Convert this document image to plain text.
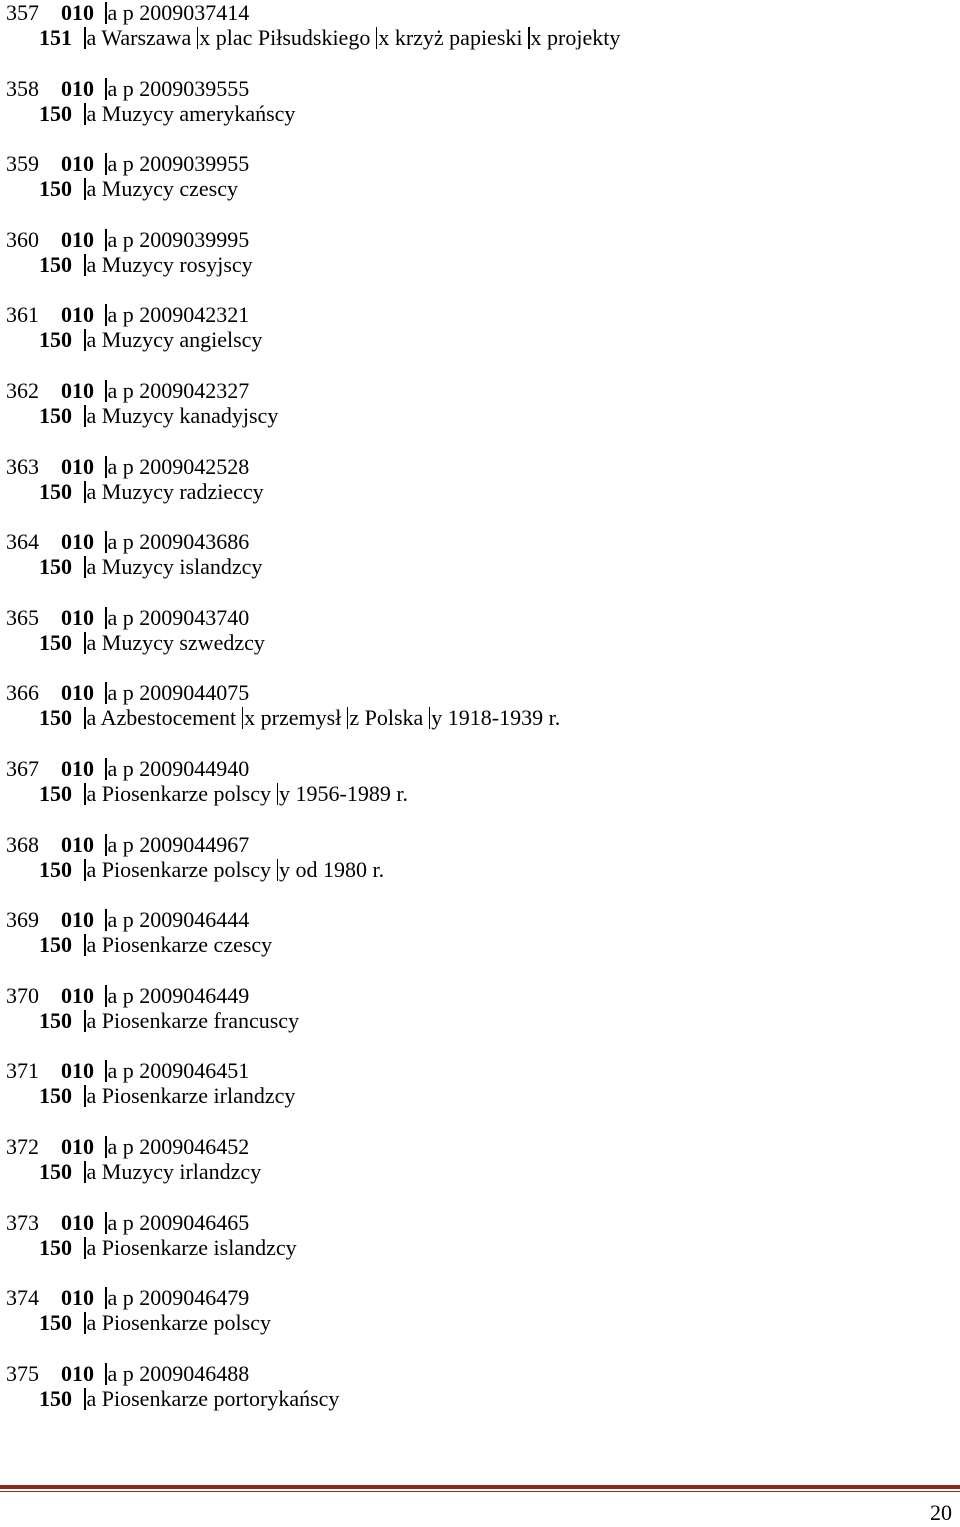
357 010 a p 2009037414
151 a Warszawa x plac Piłsudskiego x krzyż papieski x projekty
358 010 a p 2009039555
150 a Muzycy amerykańscy
359 010 a p 2009039955
150 a Muzycy czescy
360 010 a p 2009039995
150 a Muzycy rosyjscy
361 010 a p 2009042321
150 a Muzycy angielscy
362 010 a p 2009042327
150 a Muzycy kanadyjscy
363 010 a p 2009042528
150 a Muzycy radzieccy
364 010 a p 2009043686
150 a Muzycy islandzcy
365 010 a p 2009043740
150 a Muzycy szwedzcy
366 010 a p 2009044075
150 a Azbestocement x przemysł z Polska y 1918-1939 r.
367 010 a p 2009044940
150 a Piosenkarze polscy y 1956-1989 r.
368 010 a p 2009044967
150 a Piosenkarze polscy y od 1980 r.
369 010 a p 2009046444
150 a Piosenkarze czescy
370 010 a p 2009046449
150 a Piosenkarze francuscy
371 010 a p 2009046451
150 a Piosenkarze irlandzcy
372 010 a p 2009046452
150 a Muzycy irlandzcy
373 010 a p 2009046465
150 a Piosenkarze islandzcy
374 010 a p 2009046479
150 a Piosenkarze polscy
375 010 a p 2009046488
150 a Piosenkarze portorykańscy
20
